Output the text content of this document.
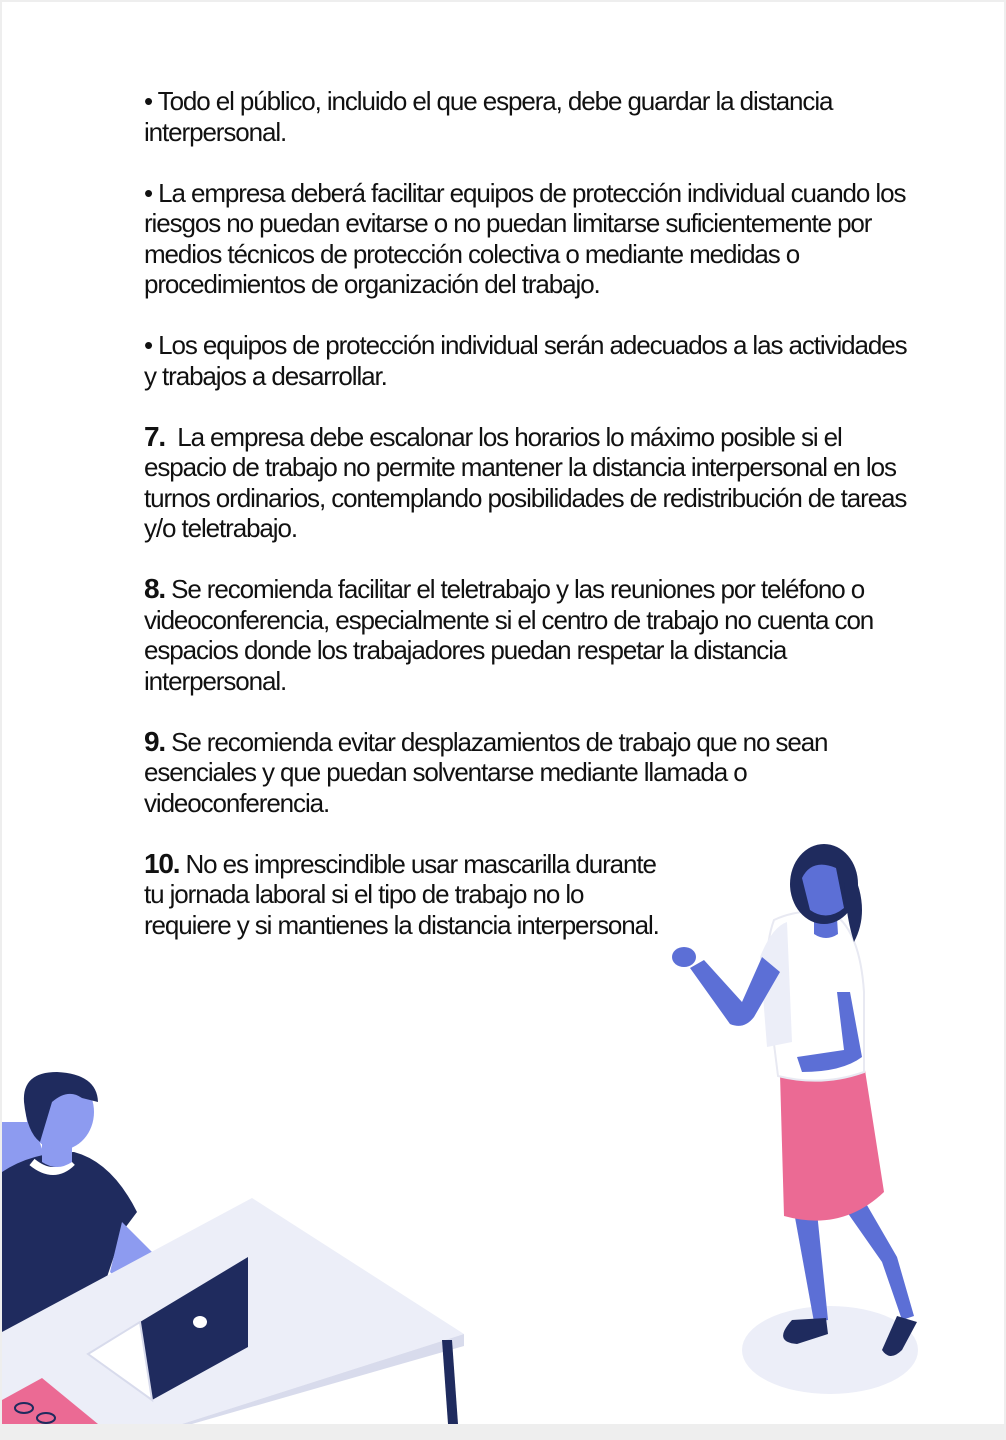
• Todo el público, incluido el que espera, debe guardar la distancia interpersonal.

• La empresa deberá facilitar equipos de protección individual cuando los riesgos no puedan evitarse o no puedan limitarse suficientemente por medios técnicos de protección colectiva o mediante medidas o procedimientos de organización del trabajo.

• Los equipos de protección individual serán adecuados a las actividades y trabajos a desarrollar.

7. La empresa debe escalonar los horarios lo máximo posible si el espacio de trabajo no permite mantener la distancia interpersonal en los turnos ordinarios, contemplando posibilidades de redistribución de tareas y/o teletrabajo.

8. Se recomienda facilitar el teletrabajo y las reuniones por teléfono o videoconferencia, especialmente si el centro de trabajo no cuenta con espacios donde los trabajadores puedan respetar la distancia interpersonal.

9. Se recomienda evitar desplazamientos de trabajo que no sean esenciales y que puedan solventarse mediante llamada o videoconferencia.

10. No es imprescindible usar mascarilla durante tu jornada laboral si el tipo de trabajo no lo requiere y si mantienes la distancia interpersonal.
